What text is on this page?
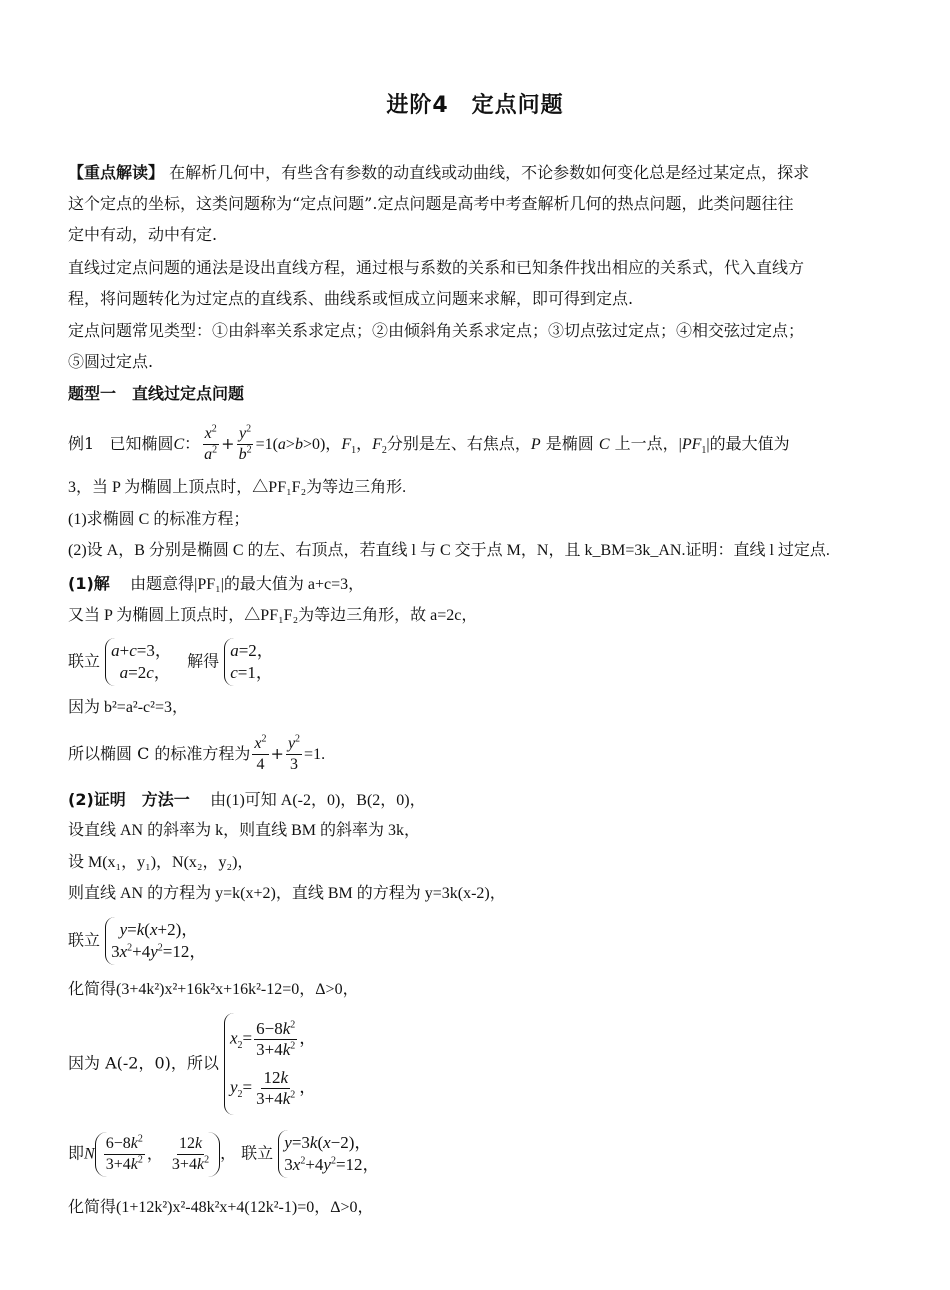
进阶4　定点问题
【重点解读】 在解析几何中，有些含有参数的动直线或动曲线，不论参数如何变化总是经过某定点，探求
这个定点的坐标，这类问题称为“定点问题”.定点问题是高考中考查解析几何的热点问题，此类问题往往
定中有动，动中有定.
直线过定点问题的通法是设出直线方程，通过根与系数的关系和已知条件找出相应的关系式，代入直线方
程，将问题转化为过定点的直线系、曲线系或恒成立问题来求解，即可得到定点.
定点问题常见类型：①由斜率关系求定点；②由倾斜角关系求定点；③切点弦过定点；④相交弦过定点；
⑤圆过定点.
题型一　直线过定点问题
例1 已知椭圆C： $\frac{x^2}{a^2} + \frac{y^2}{b^2} =1(a>b>0)$，$F_1$，$F_2$分别是左、右焦点，P 是椭圆 C 上一点，$|PF_1|$的最大值为
3，当 P 为椭圆上顶点时，△PF₁F₂为等边三角形.
(1)求椭圆 C 的标准方程；
(2)设 A，B 分别是椭圆 C 的左、右顶点，若直线 l 与 C 交于点 M，N，且 k_BM=3k_AN.证明：直线 l 过定点.
(1)解 由题意得|PF₁|的最大值为 a+c=3，
又当 P 为椭圆上顶点时，△PF₁F₂为等边三角形，故 a=2c，
联立
a+c=3，
a=2c，
解得
a=2，
c=1，
因为 b²=a²-c²=3，
所以椭圆 C 的标准方程为 $\frac{x^2}{4} + \frac{y^2}{3} =1$.
(2)证明　方法一 由(1)可知 A(-2，0)，B(2，0)，
设直线 AN 的斜率为 k，则直线 BM 的斜率为 3k，
设 M(x₁，y₁)，N(x₂，y₂)，
则直线 AN 的方程为 y=k(x+2)，直线 BM 的方程为 y=3k(x-2)，
联立
y=k(x+2)，
$3x^2+4y^2=12$，
化简得(3+4k²)x²+16k²x+16k²-12=0，Δ>0，
因为 A(-2，0)，所以
$x_2= \frac{6-8k^2}{3+4k^2}$ ，
$y_2= \frac{12k}{3+4k^2}$ ，
即N $\frac{6-8k^2}{3+4k^2}$ ， $\frac{12k}{3+4k^2}$ ， 联立
y=3k(x−2)，
$3x^2+4y^2=12$，
化简得(1+12k²)x²-48k²x+4(12k²-1)=0，Δ>0，
